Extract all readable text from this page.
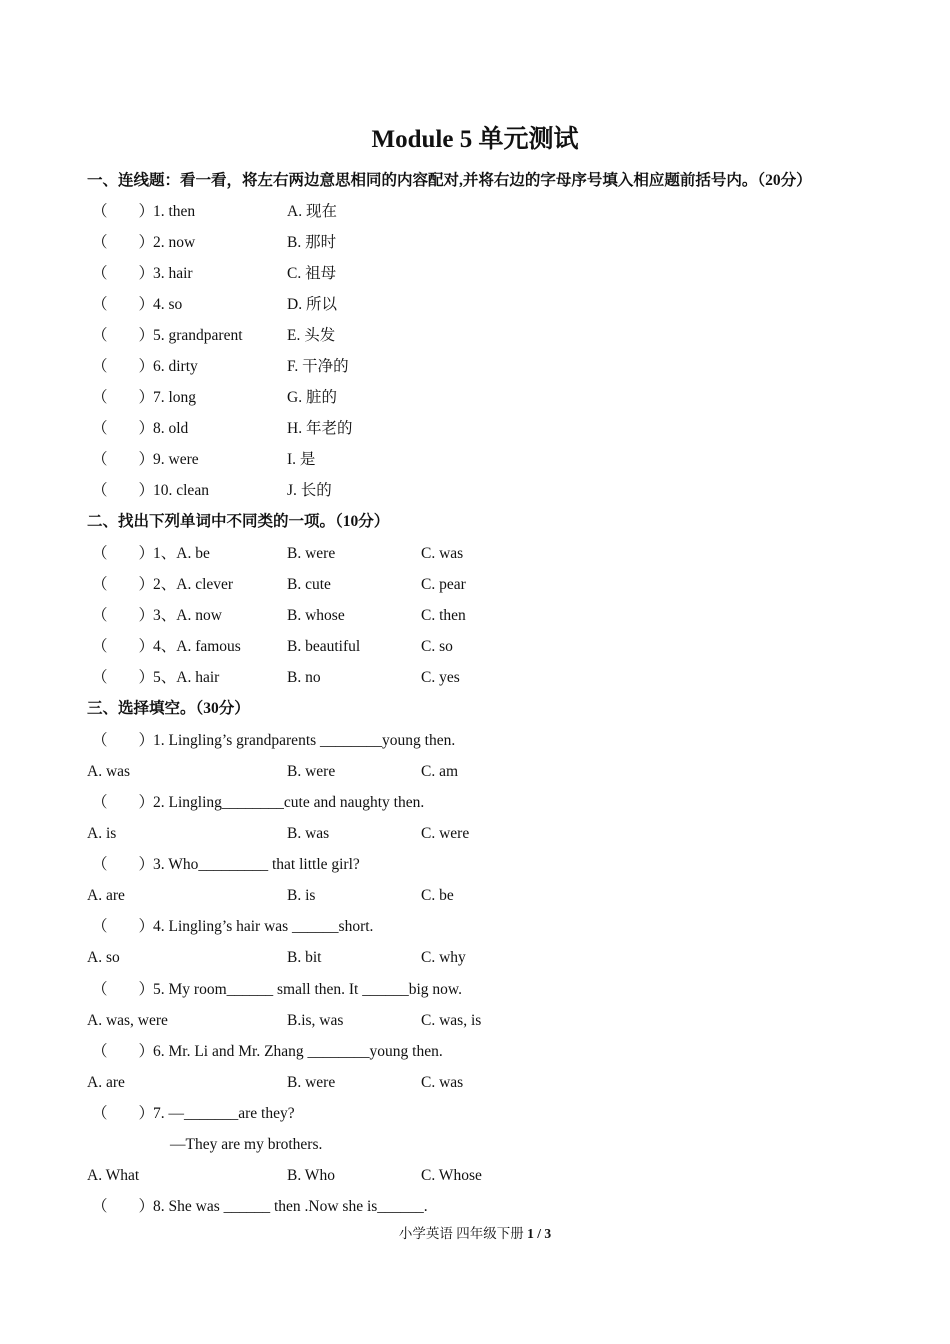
Module 5 单元测试
一、连线题：看一看，将左右两边意思相同的内容配对,并将右边的字母序号填入相应题前括号内。（20分）
（　　）
1. then	A. 现在
（　　）
2. now	B. 那时
（　　）
3. hair	C. 祖母
（　　）
4. so	D. 所以
（　　）
5. grandparent	E. 头发
（　　）
6. dirty	F. 干净的
（　　）
7. long	G. 脏的
（　　）
8. old	H. 年老的
（　　）
9. were	I. 是
（　　）
10. clean	J. 长的
二、找出下列单词中不同类的一项。（10分）
（　　）
1、A. be	B. were	C. was
（　　）
2、A. clever	B. cute	C. pear
（　　）
3、A. now	B. whose	C. then
（　　）
4、A. famous	B. beautiful	C. so
（　　）
5、A. hair	B. no	C. yes
三、选择填空。（30分）
（　　）
1. Lingling’s grandparents ________young then.
A. was	B. were	C. am
（　　）
2. Lingling________cute and naughty then.
A. is	B. was	C. were
（　　）
3. Who_________ that little girl?
A. are	B. is	C. be
（　　）
4. Lingling’s hair was ______short.
A. so	B. bit	C. why
（　　）
5. My room______ small then. It ______big now.
A. was, were	B.is, was	C. was, is
（　　）
6. Mr. Li and Mr. Zhang ________young then.
A. are	B. were	C. was
（　　）
7. —_______are they?
—They are my brothers.
A. What	B. Who	C. Whose
（　　）
8. She was ______ then .Now she is______.
小学英语 四年级下册 1 / 3
